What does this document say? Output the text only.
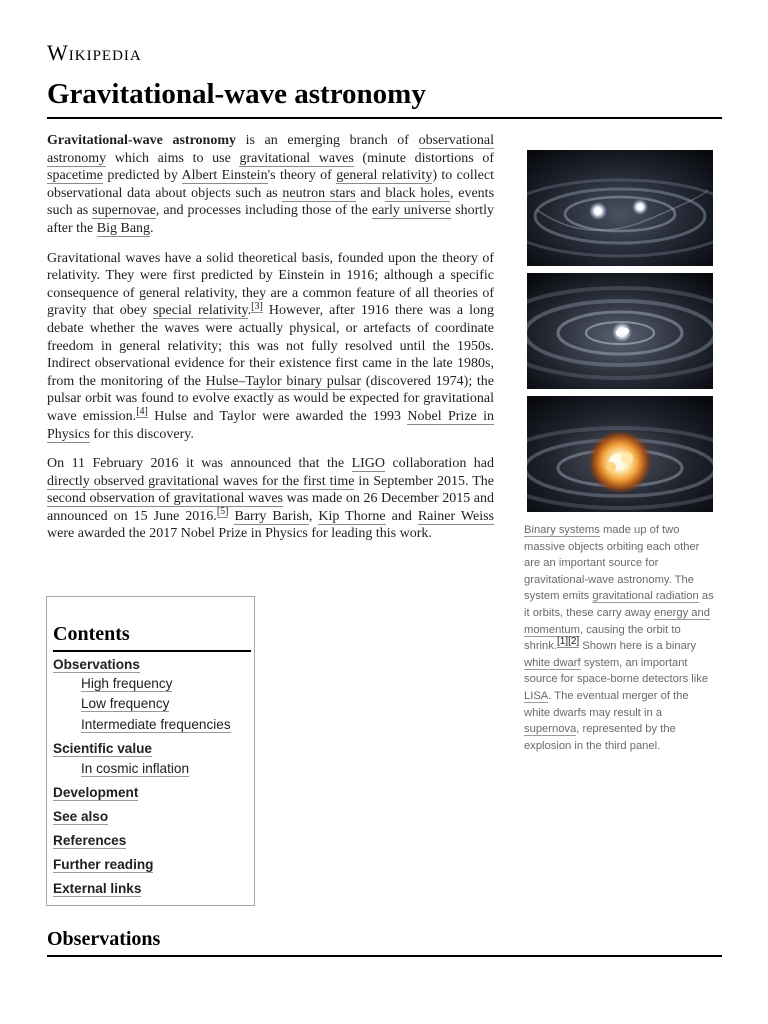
Wikipedia
Gravitational-wave astronomy

Gravitational-wave astronomy is an emerging branch of observational astronomy which aims to use gravitational waves (minute distortions of spacetime predicted by Albert Einstein's theory of general relativity) to collect observational data about objects such as neutron stars and black holes, events such as supernovae, and processes including those of the early universe shortly after the Big Bang.

Gravitational waves have a solid theoretical basis, founded upon the theory of relativity. They were first predicted by Einstein in 1916; although a specific consequence of general relativity, they are a common feature of all theories of gravity that obey special relativity.[3] However, after 1916 there was a long debate whether the waves were actually physical, or artefacts of coordinate freedom in general relativity; this was not fully resolved until the 1950s. Indirect observational evidence for their existence first came in the late 1980s, from the monitoring of the Hulse–Taylor binary pulsar (discovered 1974); the pulsar orbit was found to evolve exactly as would be expected for gravitational wave emission.[4] Hulse and Taylor were awarded the 1993 Nobel Prize in Physics for this discovery.

On 11 February 2016 it was announced that the LIGO collaboration had directly observed gravitational waves for the first time in September 2015. The second observation of gravitational waves was made on 26 December 2015 and announced on 15 June 2016.[5] Barry Barish, Kip Thorne and Rainer Weiss were awarded the 2017 Nobel Prize in Physics for leading this work.	Binary systems made up of two massive objects orbiting each other are an important source for gravitational-wave astronomy. The system emits gravitational radiation as it orbits, these carry away energy and momentum, causing the orbit to shrink.[1][2] Shown here is a binary white dwarf system, an important source for space-borne detectors like LISA. The eventual merger of the white dwarfs may result in a supernova, represented by the explosion in the third panel.
Contents
Observations
High frequency
Low frequency
Intermediate frequencies
Scientific value
In cosmic inflation
Development
See also
References
Further reading
External links
Observations
